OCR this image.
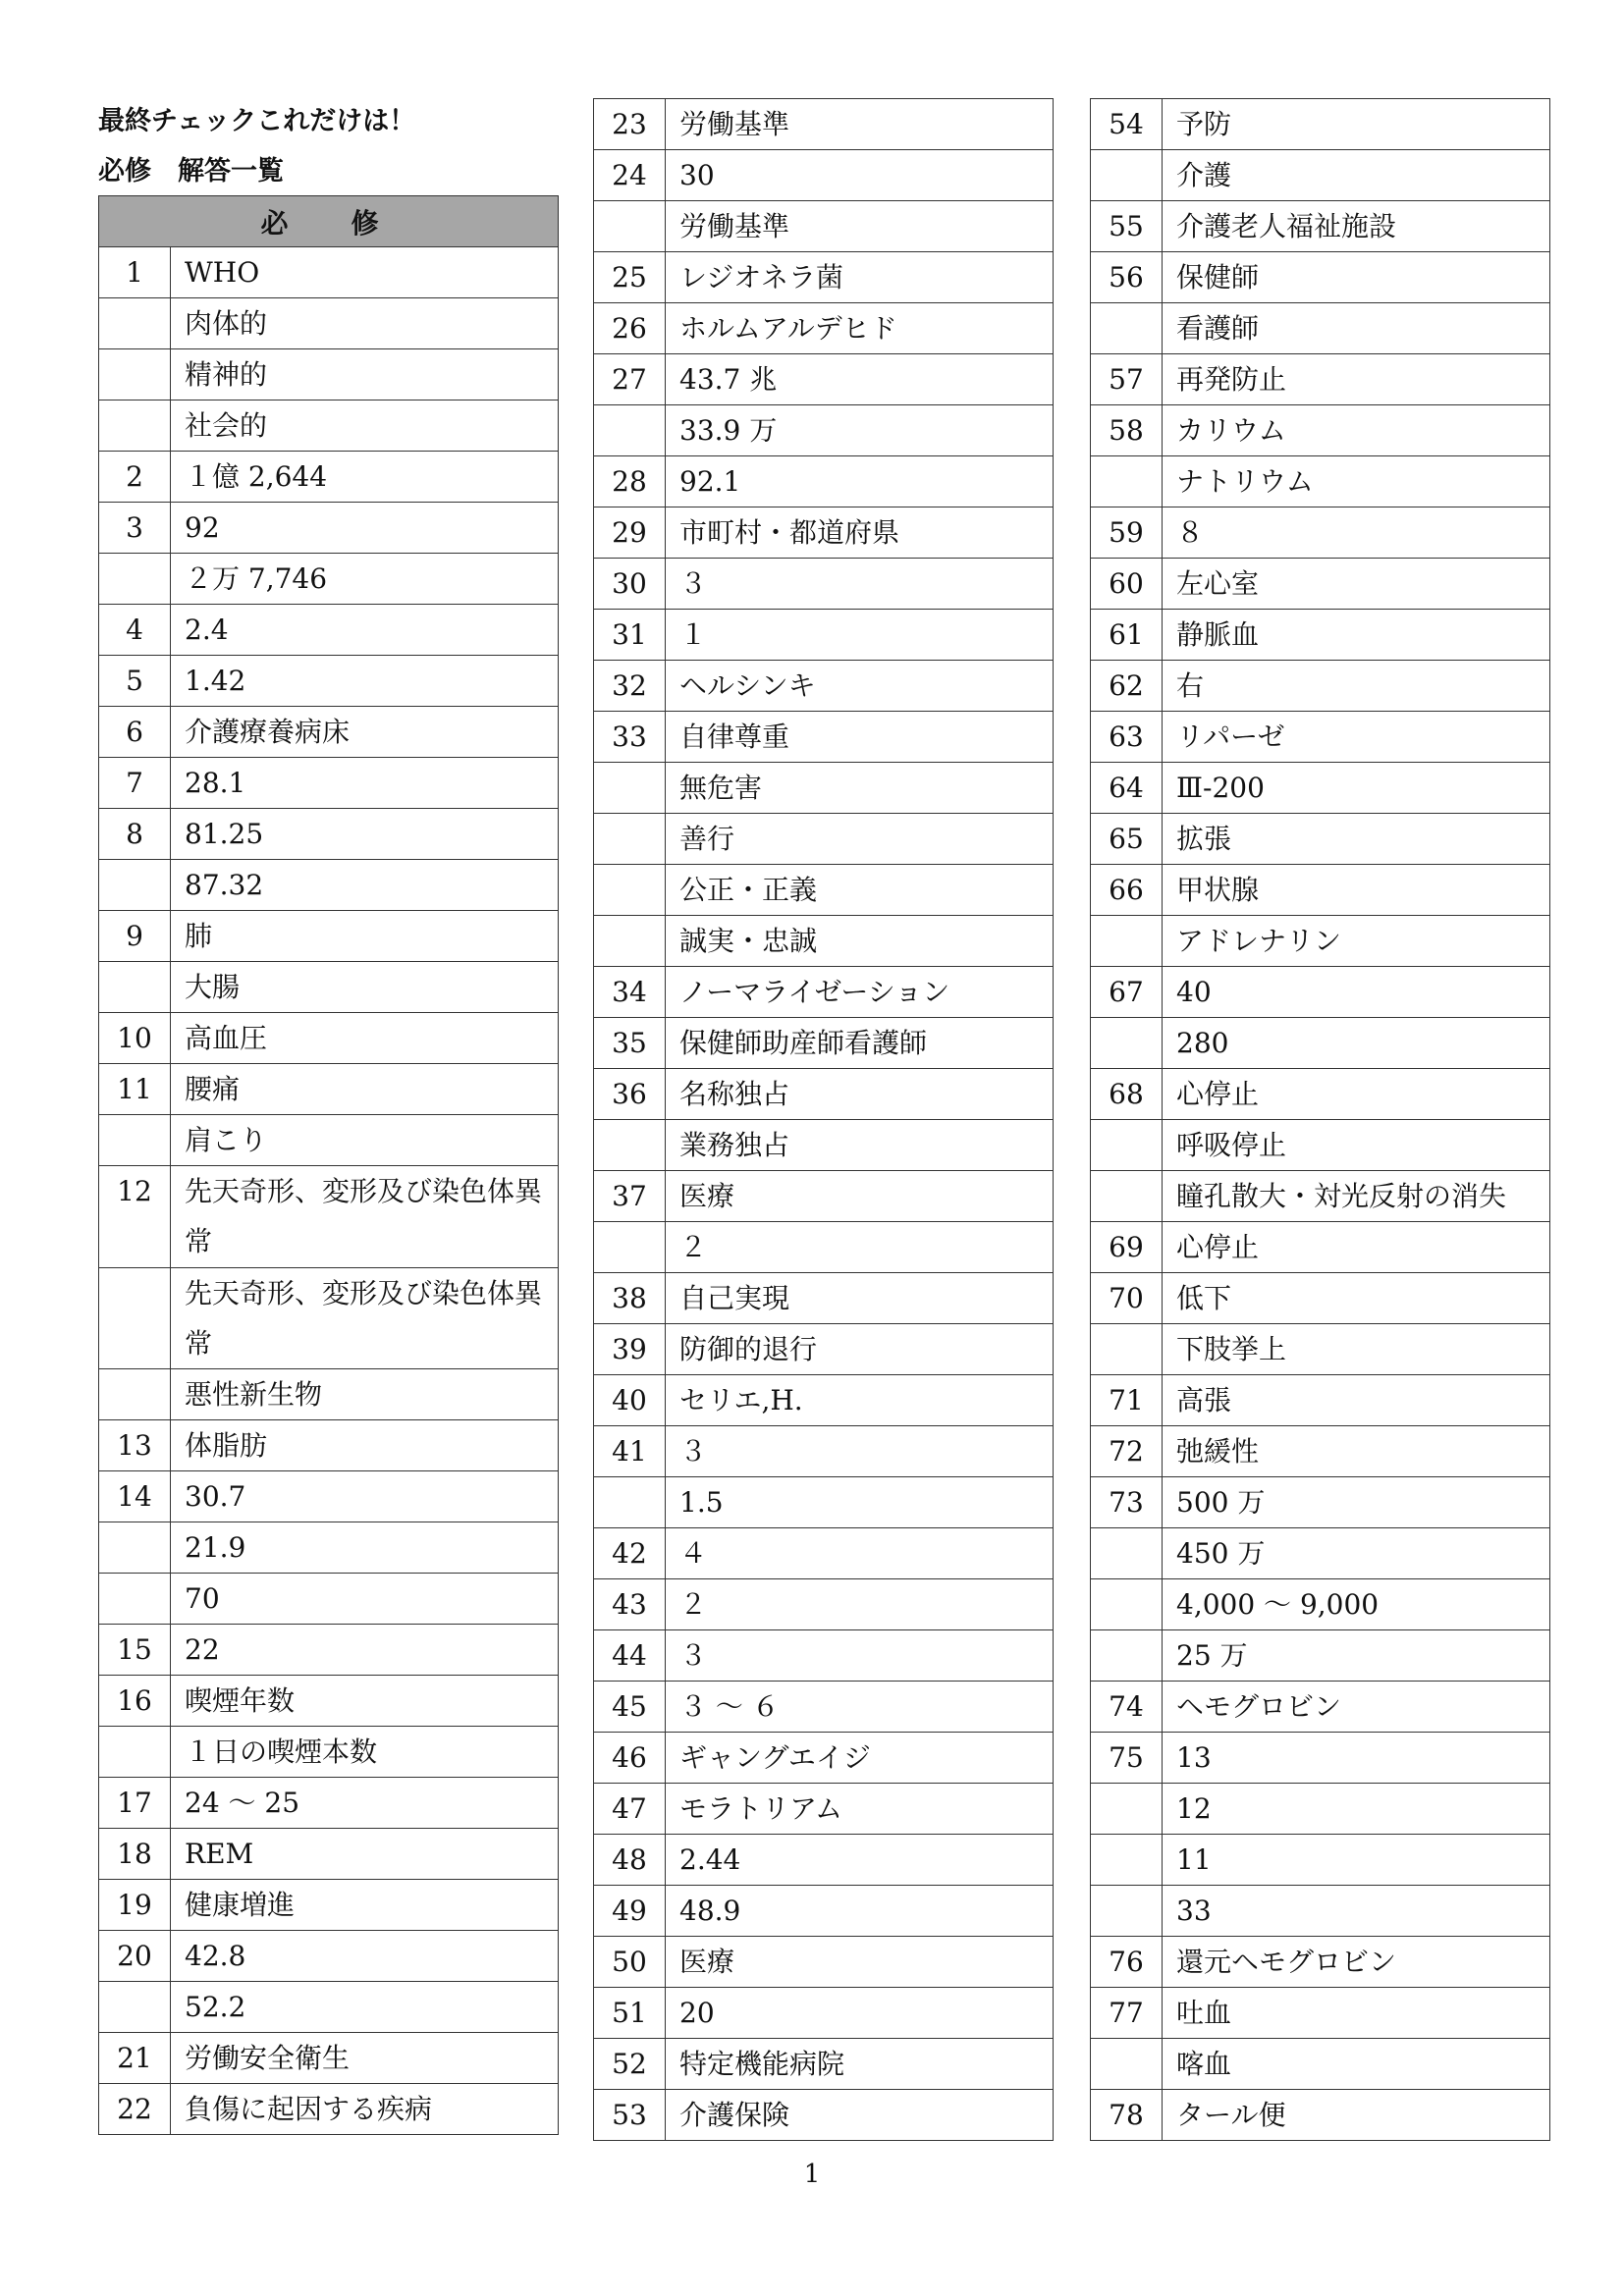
最終チェックこれだけは！
必修　解答一覧
必　修	
1	WHO
	肉体的
	精神的
	社会的
2	１億 2,644
3	92
	２万 7,746
4	2.4
5	1.42
6	介護療養病床
7	28.1
8	81.25
	87.32
9	肺
	大腸
10	高血圧
11	腰痛
	肩こり
12	先天奇形、変形及び染色体異常
	先天奇形、変形及び染色体異常
	悪性新生物
13	体脂肪
14	30.7
	21.9
	70
15	22
16	喫煙年数
	１日の喫煙本数
17	24 ～ 25
18	REM
19	健康増進
20	42.8
	52.2
21	労働安全衛生
22	負傷に起因する疾病
23	労働基準
24	30
	労働基準
25	レジオネラ菌
26	ホルムアルデヒド
27	43.7 兆
	33.9 万
28	92.1
29	市町村・都道府県
30	３
31	１
32	ヘルシンキ
33	自律尊重
	無危害
	善行
	公正・正義
	誠実・忠誠
34	ノーマライゼーション
35	保健師助産師看護師
36	名称独占
	業務独占
37	医療
	２
38	自己実現
39	防御的退行
40	セリエ,H.
41	３
	1.5
42	４
43	２
44	３
45	３ ～ ６
46	ギャングエイジ
47	モラトリアム
48	2.44
49	48.9
50	医療
51	20
52	特定機能病院
53	介護保険
54	予防
	介護
55	介護老人福祉施設
56	保健師
	看護師
57	再発防止
58	カリウム
	ナトリウム
59	８
60	左心室
61	静脈血
62	右
63	リパーゼ
64	Ⅲ-200
65	拡張
66	甲状腺
	アドレナリン
67	40
	280
68	心停止
	呼吸停止
	瞳孔散大・対光反射の消失
69	心停止
70	低下
	下肢挙上
71	高張
72	弛緩性
73	500 万
	450 万
	4,000 ～ 9,000
	25 万
74	ヘモグロビン
75	13
	12
	11
	33
76	還元ヘモグロビン
77	吐血
	喀血
78	タール便
1
